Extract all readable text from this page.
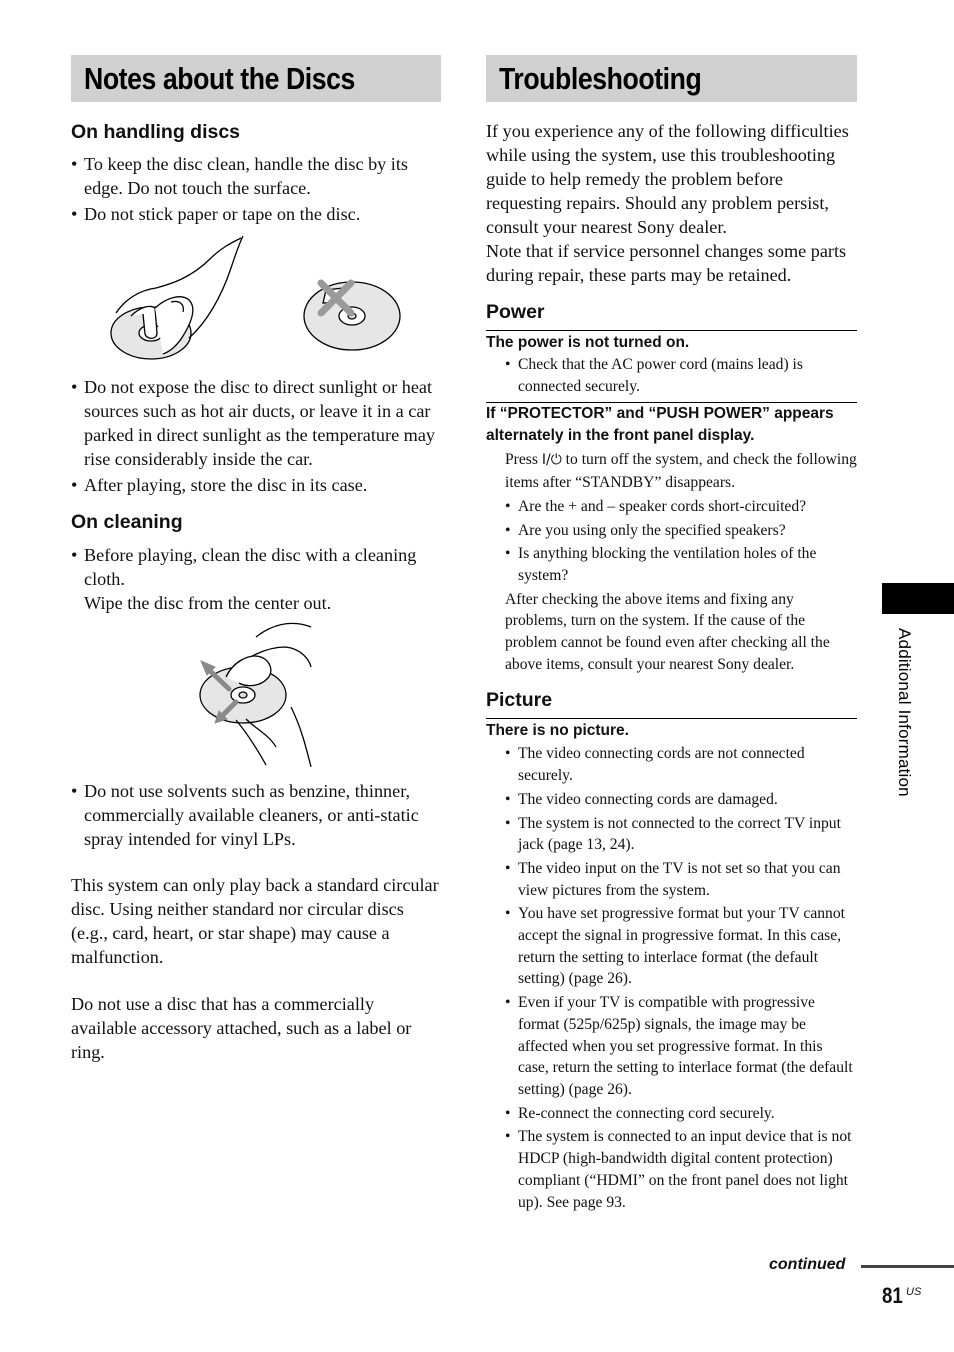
Notes about the Discs
On handling discs
• To keep the disc clean, handle the disc by its edge. Do not touch the surface.
• Do not stick paper or tape on the disc.
• Do not expose the disc to direct sunlight or heat sources such as hot air ducts, or leave it in a car parked in direct sunlight as the temperature may rise considerably inside the car.
• After playing, store the disc in its case.
On cleaning
• Before playing, clean the disc with a cleaning cloth.
Wipe the disc from the center out.
• Do not use solvents such as benzine, thinner, commercially available cleaners, or anti-static spray intended for vinyl LPs.

This system can only play back a standard circular disc. Using neither standard nor circular discs (e.g., card, heart, or star shape) may cause a malfunction.

Do not use a disc that has a commercially available accessory attached, such as a label or ring.

Troubleshooting

If you experience any of the following difficulties while using the system, use this troubleshooting guide to help remedy the problem before requesting repairs. Should any problem persist, consult your nearest Sony dealer.

Note that if service personnel changes some parts during repair, these parts may be retained.

Power
The power is not turned on.
• Check that the AC power cord (mains lead) is connected securely.
If “PROTECTOR” and “PUSH POWER” appears alternately in the front panel display.

Press I/⏻ to turn off the system, and check the following items after “STANDBY” disappears.

• Are the + and – speaker cords short-circuited?
• Are you using only the specified speakers?
• Is anything blocking the ventilation holes of the system?

After checking the above items and fixing any problems, turn on the system. If the cause of the problem cannot be found even after checking all the above items, consult your nearest Sony dealer.

Picture
There is no picture.
• The video connecting cords are not connected securely.
• The video connecting cords are damaged.
• The system is not connected to the correct TV input jack (page 13, 24).
• The video input on the TV is not set so that you can view pictures from the system.
• You have set progressive format but your TV cannot accept the signal in progressive format. In this case, return the setting to interlace format (the default setting) (page 26).
• Even if your TV is compatible with progressive format (525p/625p) signals, the image may be affected when you set progressive format. In this case, return the setting to interlace format (the default setting) (page 26).
• Re-connect the connecting cord securely.
• The system is connected to an input device that is not HDCP (high-bandwidth digital content protection) compliant (“HDMI” on the front panel does not light up). See page 93.
Additional Information
continued
81 US
